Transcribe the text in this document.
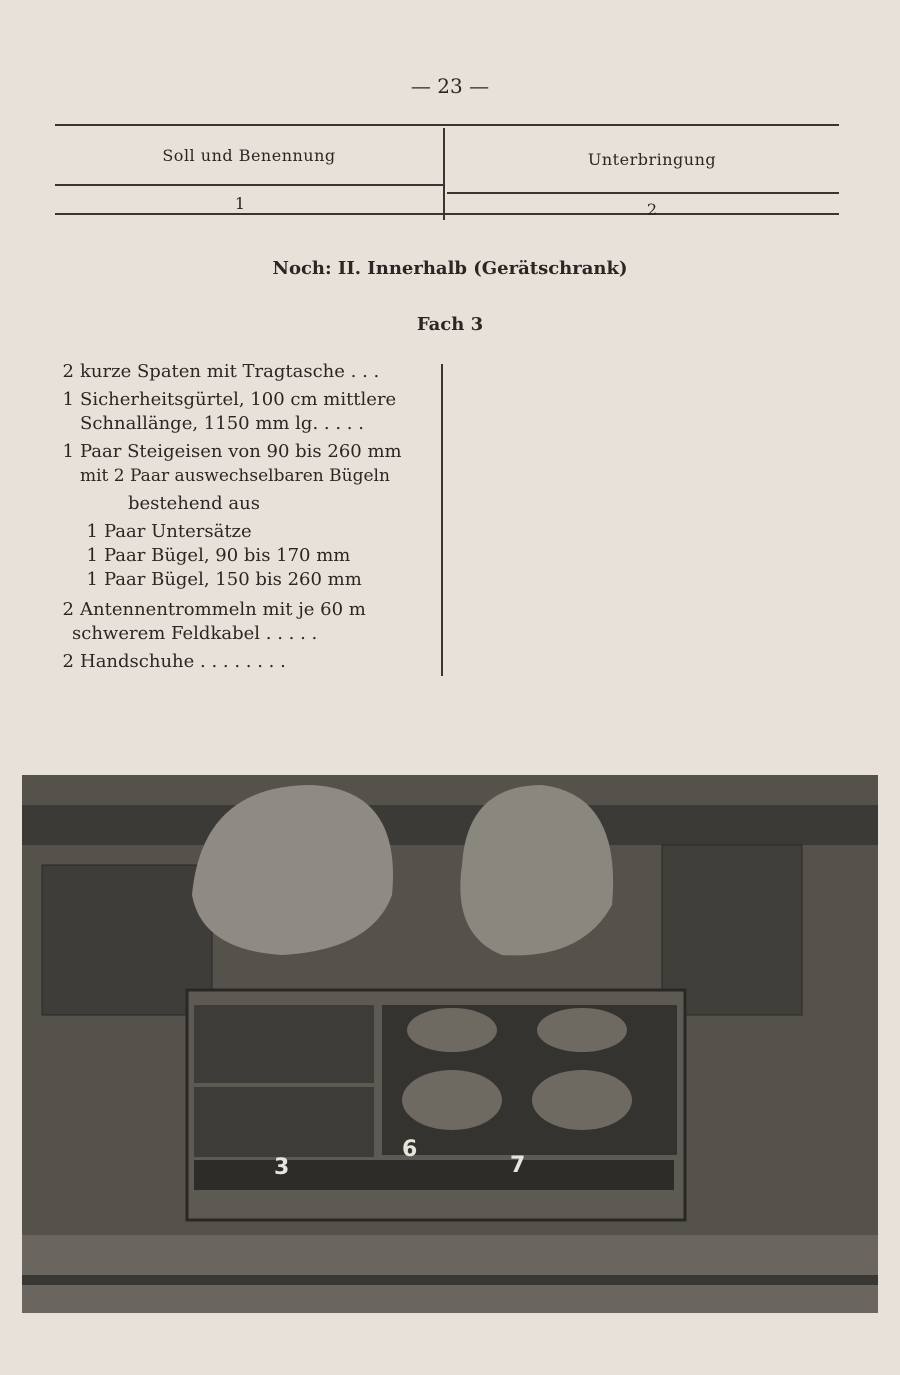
— 23 —
Soll und Benennung	Unterbringung
1	2
Noch: II. Innerhalb (Gerätschrank)
Fach 3
2 kurze Spaten mit Tragtasche . . .
1 Sicherheitsgürtel, 100 cm mittlere
Schnallänge, 1150 mm lg. . . . .
1 Paar Steigeisen von 90 bis 260 mm
mit 2 Paar auswechselbaren Bügeln
bestehend aus
1 Paar Untersätze
1 Paar Bügel, 90 bis 170 mm
1 Paar Bügel, 150 bis 260 mm
2 Antennentrommeln mit je 60 m
schwerem Feldkabel . . . . .
2 Handschuhe . . . . . . . .
3
6
7
